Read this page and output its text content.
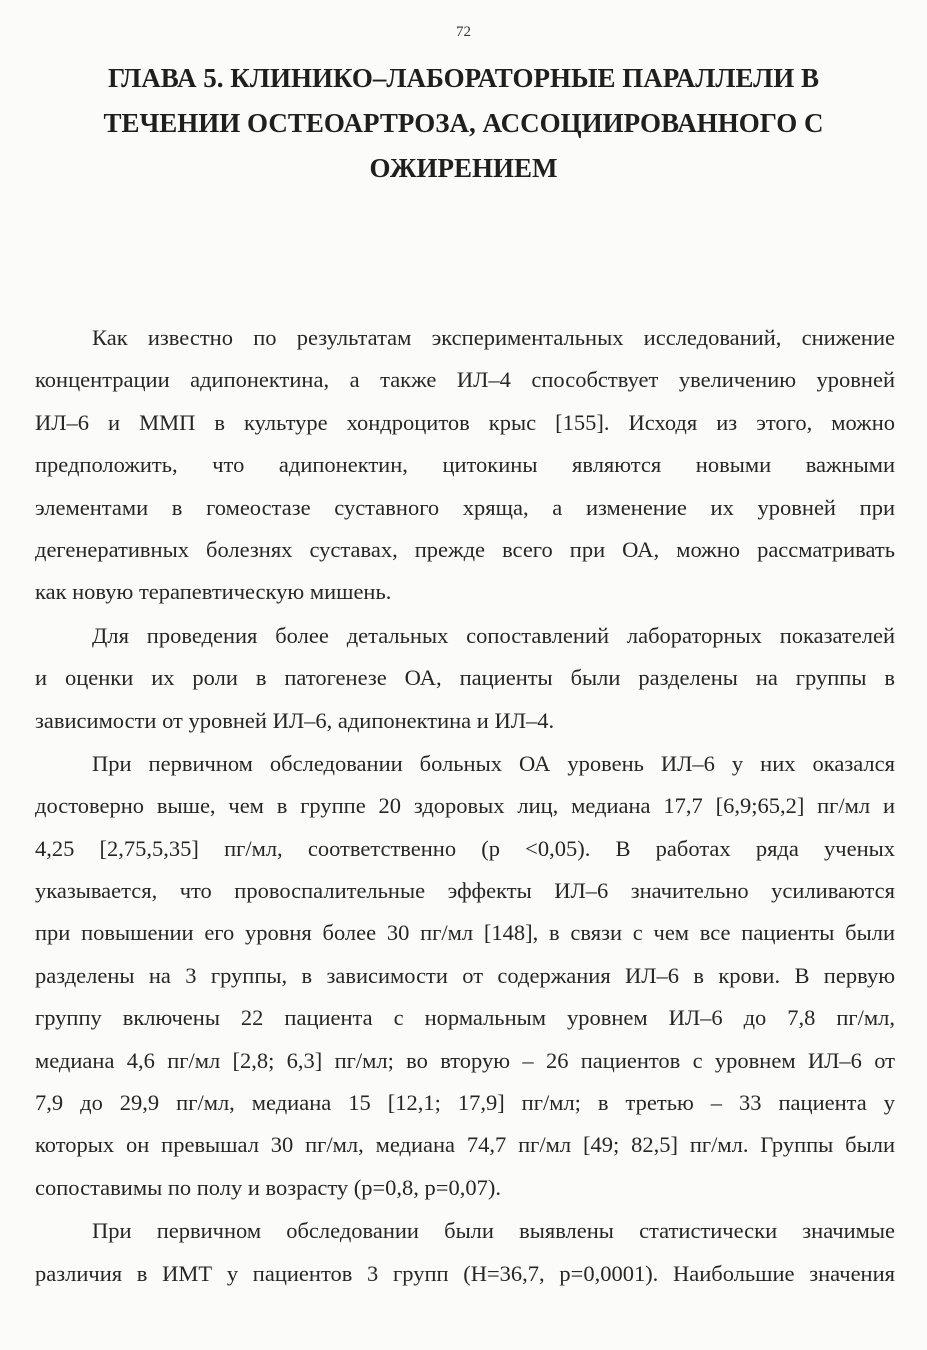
72
ГЛАВА 5. КЛИНИКО–ЛАБОРАТОРНЫЕ ПАРАЛЛЕЛИ В
ТЕЧЕНИИ ОСТЕОАРТРОЗА, АССОЦИИРОВАННОГО С
ОЖИРЕНИЕМ

Как известно по результатам экспериментальных исследований, снижение
концентрации адипонектина, а также ИЛ–4 способствует увеличению уровней
ИЛ–6 и ММП в культуре хондроцитов крыс [155]. Исходя из этого, можно
предположить, что адипонектин, цитокины являются новыми важными
элементами в гомеостазе суставного хряща, а изменение их уровней при
дегенеративных болезнях суставах, прежде всего при ОА, можно рассматривать
как новую терапевтическую мишень.

Для проведения более детальных сопоставлений лабораторных показателей
и оценки их роли в патогенезе ОА, пациенты были разделены на группы в
зависимости от уровней ИЛ–6, адипонектина и ИЛ–4.

При первичном обследовании больных ОА уровень ИЛ–6 у них оказался
достоверно выше, чем в группе 20 здоровых лиц, медиана 17,7 [6,9;65,2] пг/мл и
4,25 [2,75,5,35] пг/мл, соответственно (р <0,05). В работах ряда ученых
указывается, что провоспалительные эффекты ИЛ–6 значительно усиливаются
при повышении его уровня более 30 пг/мл [148], в связи с чем все пациенты были
разделены на 3 группы, в зависимости от содержания ИЛ–6 в крови. В первую
группу включены 22 пациента с нормальным уровнем ИЛ–6 до 7,8 пг/мл,
медиана 4,6 пг/мл [2,8; 6,3] пг/мл; во вторую – 26 пациентов с уровнем ИЛ–6 от
7,9 до 29,9 пг/мл, медиана 15 [12,1; 17,9] пг/мл; в третью – 33 пациента у
которых он превышал 30 пг/мл, медиана 74,7 пг/мл [49; 82,5] пг/мл. Группы были
сопоставимы по полу и возрасту (р=0,8, р=0,07).

При первичном обследовании были выявлены статистически значимые
различия в ИМТ у пациентов 3 групп (Н=36,7, р=0,0001). Наибольшие значения
